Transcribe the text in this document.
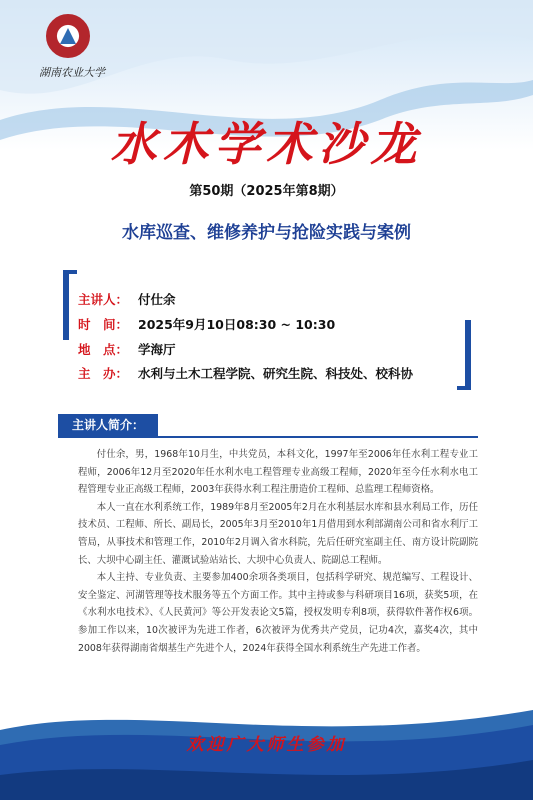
湖南农业大学
水木学术沙龙
第50期（2025年第8期）
水库巡查、维修养护与抢险实践与案例
主讲人： 付仕余
时　间： 2025年9月10日08:30 ~ 10:30
地　点： 学海厅
主　办： 水利与土木工程学院、研究生院、科技处、校科协
主讲人简介：

付仕余，男，1968年10月生，中共党员，本科文化，1997年至2006年任水利工程专业工程师，2006年12月至2020年任水利水电工程管理专业高级工程师，2020年至今任水利水电工程管理专业正高级工程师，2003年获得水利工程注册造价工程师、总监理工程师资格。

本人一直在水利系统工作，1989年8月至2005年2月在水利基层水库和县水利局工作，历任技术员、工程师、所长、副局长，2005年3月至2010年1月借用到水利部湖南公司和省水利厅工管局，从事技术和管理工作，2010年2月调入省水科院，先后任研究室副主任、南方设计院副院长、大坝中心副主任、灌溉试验站站长、大坝中心负责人、院副总工程师。

本人主持、专业负责、主要参加400余项各类项目，包括科学研究、规范编写、工程设计、安全鉴定、河湖管理等技术服务等五个方面工作。其中主持或参与科研项目16项，获奖5项，在《水利水电技术》、《人民黄河》等公开发表论文5篇，授权发明专利8项，获得软件著作权6项。参加工作以来，10次被评为先进工作者，6次被评为优秀共产党员，记功4次，嘉奖4次，其中2008年获得湖南省烟基生产先进个人，2024年获得全国水利系统生产先进工作者。

欢迎广大师生参加
